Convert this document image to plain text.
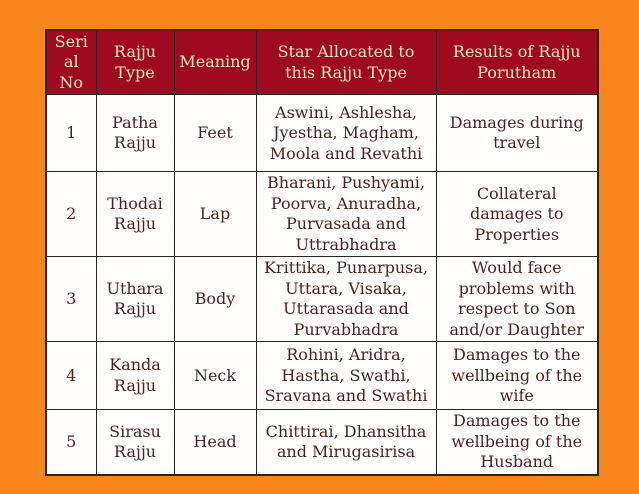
Serial No	Rajju Type	Meaning	Star Allocated to this Rajju Type	Results of Rajju Porutham
1	Patha Rajju	Feet	Aswini, Ashlesha, Jyestha, Magham, Moola and Revathi	Damages during travel
2	Thodai Rajju	Lap	Bharani, Pushyami, Poorva, Anuradha, Purvasada and Uttrabhadra	Collateral damages to Properties
3	Uthara Rajju	Body	Krittika, Punarpusa, Uttara, Visaka, Uttarasada and Purvabhadra	Would face problems with respect to Son and/or Daughter
4	Kanda Rajju	Neck	Rohini, Aridra, Hastha, Swathi, Sravana and Swathi	Damages to the wellbeing of the wife
5	Sirasu Rajju	Head	Chittirai, Dhansitha and Mirugasirisa	Damages to the wellbeing of the Husband
